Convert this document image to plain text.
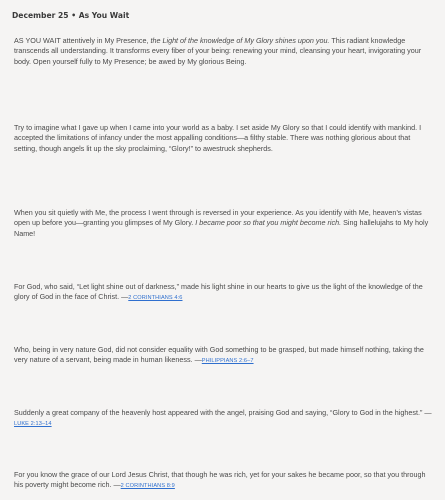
December 25 • As You Wait

AS YOU WAIT attentively in My Presence, the Light of the knowledge of My Glory shines upon you. This radiant knowledge transcends all understanding. It transforms every fiber of your being: renewing your mind, cleansing your heart, invigorating your body. Open yourself fully to My Presence; be awed by My glorious Being.

Try to imagine what I gave up when I came into your world as a baby. I set aside My Glory so that I could identify with mankind. I accepted the limitations of infancy under the most appalling conditions—a filthy stable. There was nothing glorious about that setting, though angels lit up the sky proclaiming, “Glory!” to awestruck shepherds.

When you sit quietly with Me, the process I went through is reversed in your experience. As you identify with Me, heaven’s vistas open up before you—granting you glimpses of My Glory. I became poor so that you might become rich. Sing hallelujahs to My holy Name!

For God, who said, “Let light shine out of darkness,” made his light shine in our hearts to give us the light of the knowledge of the glory of God in the face of Christ. —2 CORINTHIANS 4:6

Who, being in very nature God, did not consider equality with God something to be grasped, but made himself nothing, taking the very nature of a servant, being made in human likeness. —PHILIPPIANS 2:6–7

Suddenly a great company of the heavenly host appeared with the angel, praising God and saying, “Glory to God in the highest.” —LUKE 2:13–14

For you know the grace of our Lord Jesus Christ, that though he was rich, yet for your sakes he became poor, so that you through his poverty might become rich. —2 CORINTHIANS 8:9
